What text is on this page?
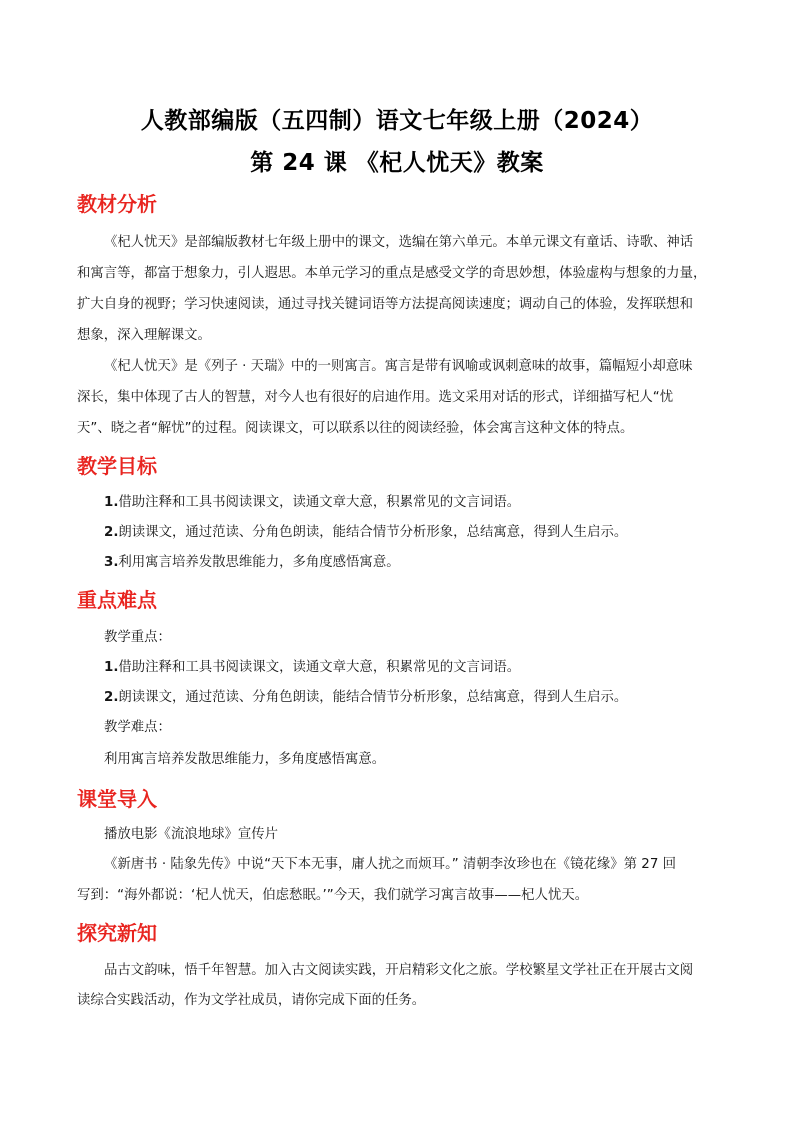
人教部编版（五四制）语文七年级上册（2024）
第 24 课 《杞人忧天》教案
教材分析
《杞人忧天》是部编版教材七年级上册中的课文，选编在第六单元。本单元课文有童话、诗歌、神话
和寓言等，都富于想象力，引人遐思。本单元学习的重点是感受文学的奇思妙想，体验虚构与想象的力量，
扩大自身的视野；学习快速阅读，通过寻找关键词语等方法提高阅读速度；调动自己的体验，发挥联想和
想象，深入理解课文。
《杞人忧天》是《列子 · 天瑞》中的一则寓言。寓言是带有讽喻或讽刺意味的故事，篇幅短小却意味
深长，集中体现了古人的智慧，对今人也有很好的启迪作用。选文采用对话的形式，详细描写杞人“忧
天”、晓之者“解忧”的过程。阅读课文，可以联系以往的阅读经验，体会寓言这种文体的特点。
教学目标
1.借助注释和工具书阅读课文，读通文章大意，积累常见的文言词语。
2.朗读课文，通过范读、分角色朗读，能结合情节分析形象，总结寓意，得到人生启示。
3.利用寓言培养发散思维能力，多角度感悟寓意。
重点难点
教学重点：
1.借助注释和工具书阅读课文，读通文章大意，积累常见的文言词语。
2.朗读课文，通过范读、分角色朗读，能结合情节分析形象，总结寓意，得到人生启示。
教学难点：
利用寓言培养发散思维能力，多角度感悟寓意。
课堂导入
播放电影《流浪地球》宣传片
《新唐书 · 陆象先传》中说“天下本无事，庸人扰之而烦耳。” 清朝李汝珍也在《镜花缘》第 27 回
写到：“海外都说：‘杞人忧天，伯虑愁眠。’”今天，我们就学习寓言故事——杞人忧天。
探究新知
品古文韵味，悟千年智慧。加入古文阅读实践，开启精彩文化之旅。学校繁星文学社正在开展古文阅
读综合实践活动，作为文学社成员，请你完成下面的任务。
